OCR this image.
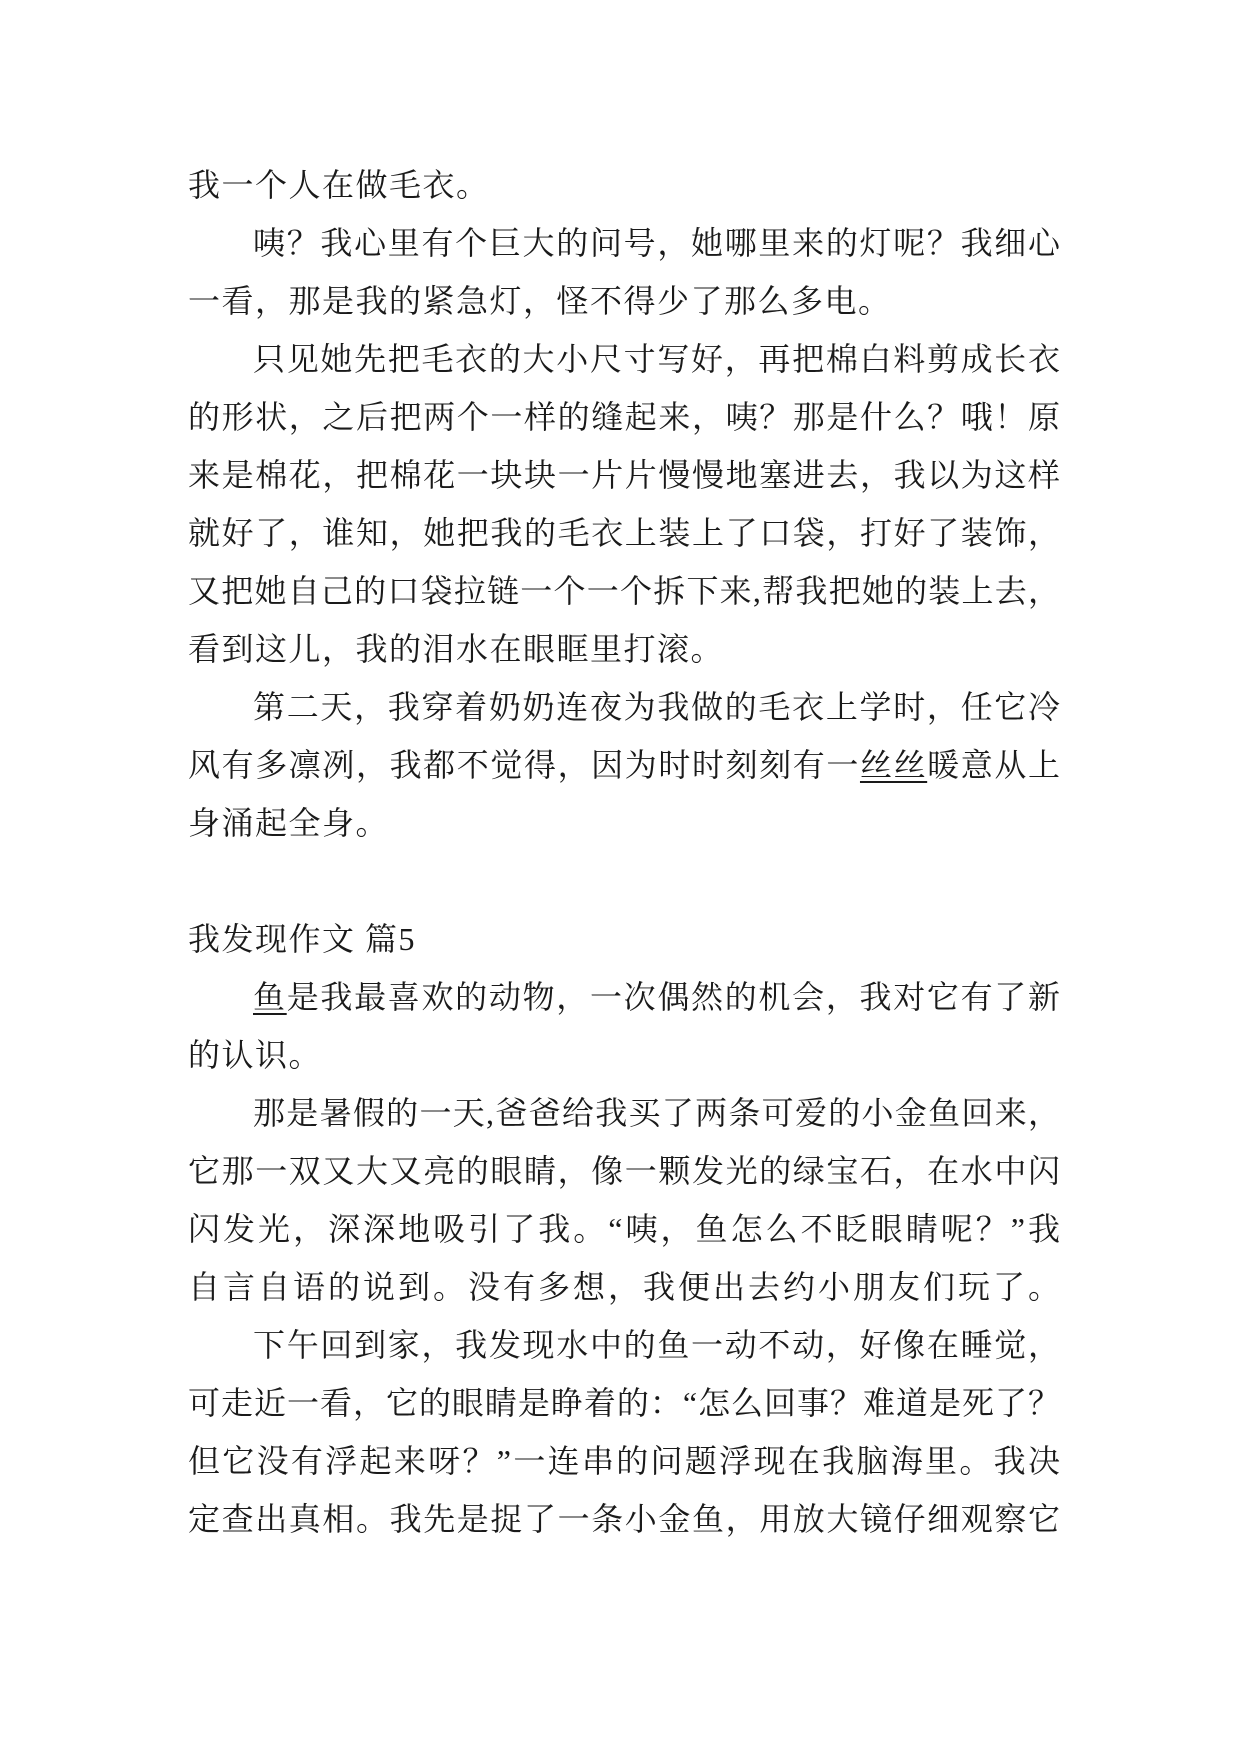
我一个人在做毛衣。
咦？我心里有个巨大的问号，她哪里来的灯呢？我细心
一看，那是我的紧急灯，怪不得少了那么多电。
只见她先把毛衣的大小尺寸写好，再把棉白料剪成长衣
的形状，之后把两个一样的缝起来，咦？那是什么？哦！原
来是棉花，把棉花一块块一片片慢慢地塞进去，我以为这样
就好了，谁知，她把我的毛衣上装上了口袋，打好了装饰，
又把她自己的口袋拉链一个一个拆下来,帮我把她的装上去，
看到这儿，我的泪水在眼眶里打滚。
第二天，我穿着奶奶连夜为我做的毛衣上学时，任它冷
风有多凛冽，我都不觉得，因为时时刻刻有一丝丝暖意从上
身涌起全身。
我发现作文 篇5
鱼是我最喜欢的动物，一次偶然的机会，我对它有了新
的认识。
那是暑假的一天,爸爸给我买了两条可爱的小金鱼回来，
它那一双又大又亮的眼睛，像一颗发光的绿宝石，在水中闪
闪发光，深深地吸引了我。“咦，鱼怎么不眨眼睛呢？”我
自言自语的说到。没有多想，我便出去约小朋友们玩了。
下午回到家，我发现水中的鱼一动不动，好像在睡觉，
可走近一看，它的眼睛是睁着的：“怎么回事？难道是死了？
但它没有浮起来呀？”一连串的问题浮现在我脑海里。我决
定查出真相。我先是捉了一条小金鱼，用放大镜仔细观察它
